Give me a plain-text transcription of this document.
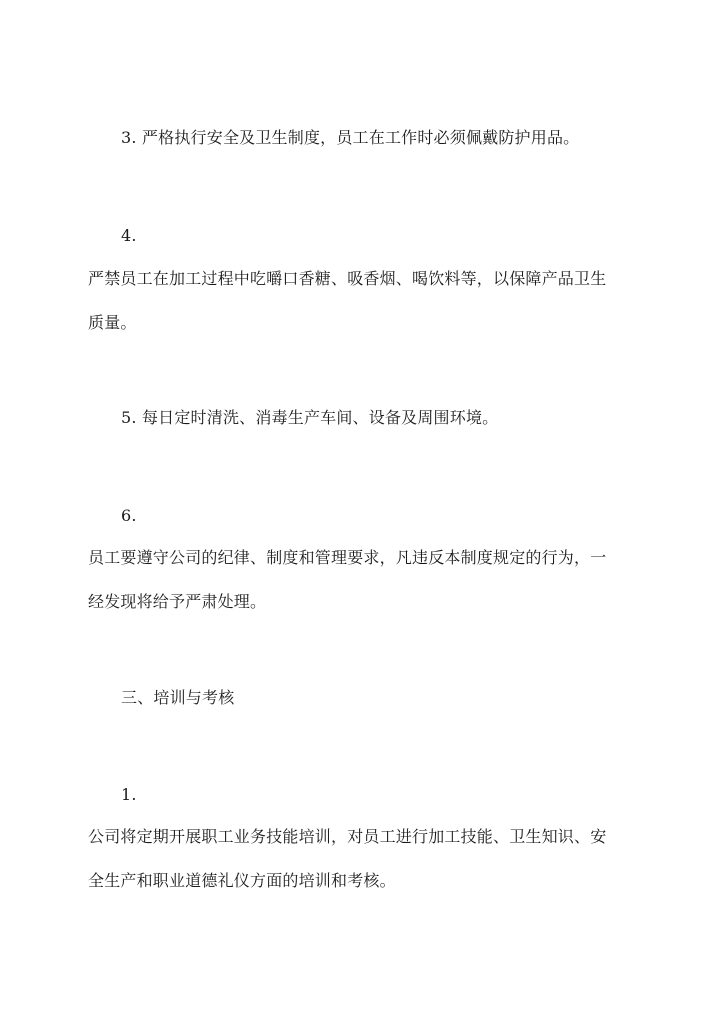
3. 严格执行安全及卫生制度，员工在工作时必须佩戴防护用品。
4.
严禁员工在加工过程中吃嚼口香糖、吸香烟、喝饮料等，以保障产品卫生
质量。
5. 每日定时清洗、消毒生产车间、设备及周围环境。
6.
员工要遵守公司的纪律、制度和管理要求，凡违反本制度规定的行为，一
经发现将给予严肃处理。
三、培训与考核
1.
公司将定期开展职工业务技能培训，对员工进行加工技能、卫生知识、安
全生产和职业道德礼仪方面的培训和考核。
